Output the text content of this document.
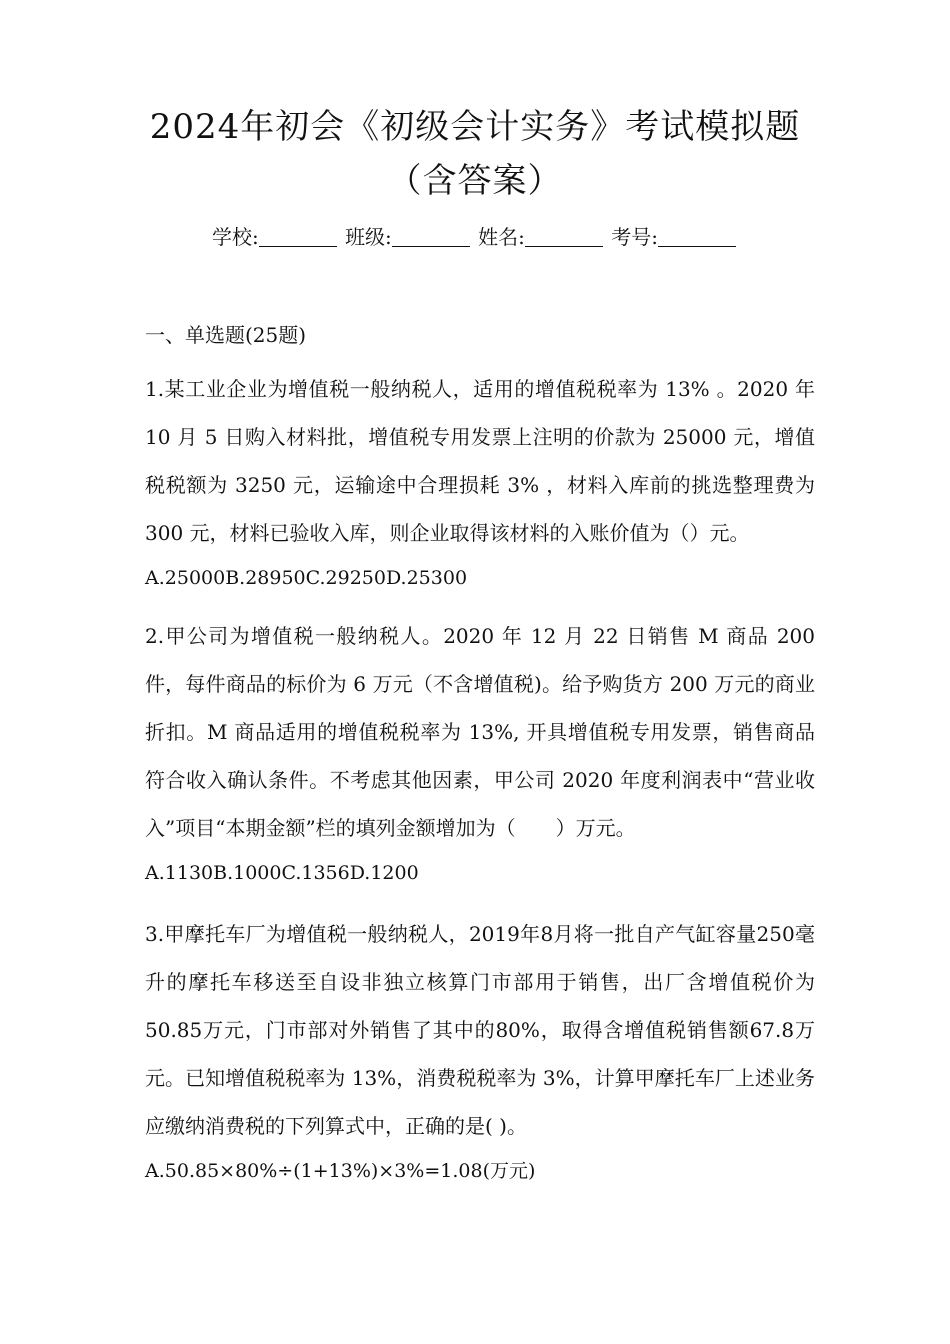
2024年初会《初级会计实务》考试模拟题（含答案）
学校:	班级:	姓名:	考号:
一、单选题(25题)
1.某工业企业为增值税一般纳税人，适用的增值税税率为 13% 。2020 年 10 月 5 日购入材料批，增值税专用发票上注明的价款为 25000 元，增值税税额为 3250 元，运输途中合理损耗 3% ，材料入库前的挑选整理费为 300 元，材料已验收入库，则企业取得该材料的入账价值为（）元。
A.25000B.28950C.29250D.25300
2.甲公司为增值税一般纳税人。2020 年 12 月 22 日销售 M 商品 200 件，每件商品的标价为 6 万元（不含增值税)。给予购货方 200 万元的商业折扣。M 商品适用的增值税税率为 13%, 开具增值税专用发票，销售商品符合收入确认条件。不考虑其他因素，甲公司 2020 年度利润表中“营业收入”项目“本期金额”栏的填列金额增加为（　　）万元。
A.1130B.1000C.1356D.1200
3.甲摩托车厂为增值税一般纳税人，2019年8月将一批自产气缸容量250毫升的摩托车移送至自设非独立核算门市部用于销售，出厂含增值税价为50.85万元，门市部对外销售了其中的80%，取得含增值税销售额67.8万元。已知增值税税率为 13%，消费税税率为 3%，计算甲摩托车厂上述业务应缴纳消费税的下列算式中，正确的是( )。
A.50.85×80%÷(1+13%)×3%=1.08(万元)
